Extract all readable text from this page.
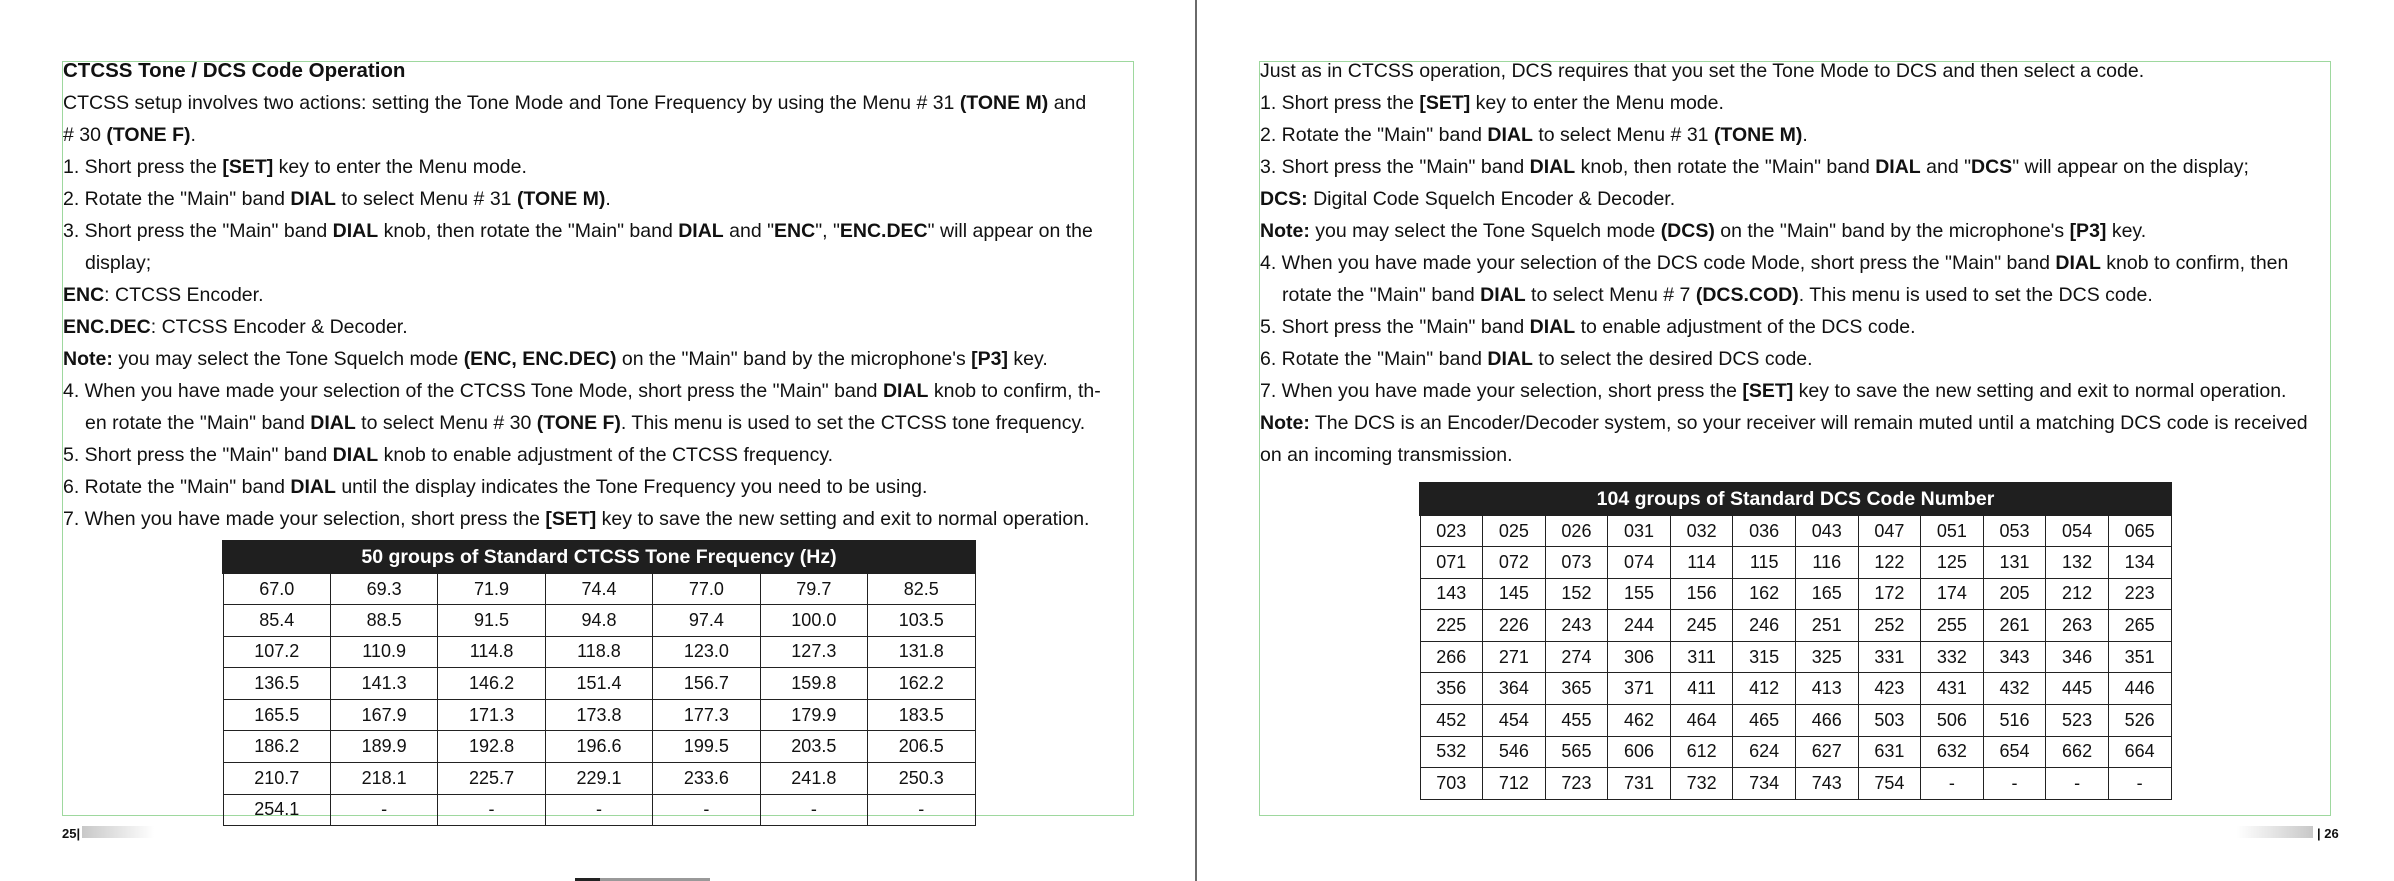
CTCSS Tone / DCS Code Operation
CTCSS setup involves two actions: setting the Tone Mode and Tone Frequency by using the Menu # 31 (TONE M) and
# 30 (TONE F).
1. Short press the [SET] key to enter the Menu mode.
2. Rotate the "Main" band DIAL to select Menu # 31 (TONE M).
3. Short press the "Main" band DIAL knob, then rotate the "Main" band DIAL and "ENC", "ENC.DEC" will appear on the
display;
ENC: CTCSS Encoder.
ENC.DEC: CTCSS Encoder & Decoder.
Note: you may select the Tone Squelch mode (ENC, ENC.DEC) on the "Main" band by the microphone's [P3] key.
4. When you have made your selection of the CTCSS Tone Mode, short press the "Main" band DIAL knob to confirm, th-
en rotate the "Main" band DIAL to select Menu # 30 (TONE F). This menu is used to set the CTCSS tone frequency.
5. Short press the "Main" band DIAL knob to enable adjustment of the CTCSS frequency.
6. Rotate the "Main" band DIAL until the display indicates the Tone Frequency you need to be using.
7. When you have made your selection, short press the [SET] key to save the new setting and exit to normal operation.
Just as in CTCSS operation, DCS requires that you set the Tone Mode to DCS and then select a code.
1. Short press the [SET] key to enter the Menu mode.
2. Rotate the "Main" band DIAL to select Menu # 31 (TONE M).
3. Short press the "Main" band DIAL knob, then rotate the "Main" band DIAL and "DCS" will appear on the display;
DCS: Digital Code Squelch Encoder & Decoder.
Note: you may select the Tone Squelch mode (DCS) on the "Main" band by the microphone's [P3] key.
4. When you have made your selection of the DCS code Mode, short press the "Main" band DIAL knob to confirm, then
rotate the "Main" band DIAL to select Menu # 7 (DCS.COD). This menu is used to set the DCS code.
5. Short press the "Main" band DIAL to enable adjustment of the DCS code.
6. Rotate the "Main" band DIAL to select the desired DCS code.
7. When you have made your selection, short press the [SET] key to save the new setting and exit to normal operation.
Note: The DCS is an Encoder/Decoder system, so your receiver will remain muted until a matching DCS code is received
on an incoming transmission.
50 groups of Standard CTCSS Tone Frequency (Hz)						
67.0	69.3	71.9	74.4	77.0	79.7	82.5
85.4	88.5	91.5	94.8	97.4	100.0	103.5
107.2	110.9	114.8	118.8	123.0	127.3	131.8
136.5	141.3	146.2	151.4	156.7	159.8	162.2
165.5	167.9	171.3	173.8	177.3	179.9	183.5
186.2	189.9	192.8	196.6	199.5	203.5	206.5
210.7	218.1	225.7	229.1	233.6	241.8	250.3
254.1	-	-	-	-	-	-
104 groups of Standard DCS Code Number											
023	025	026	031	032	036	043	047	051	053	054	065
071	072	073	074	114	115	116	122	125	131	132	134
143	145	152	155	156	162	165	172	174	205	212	223
225	226	243	244	245	246	251	252	255	261	263	265
266	271	274	306	311	315	325	331	332	343	346	351
356	364	365	371	411	412	413	423	431	432	445	446
452	454	455	462	464	465	466	503	506	516	523	526
532	546	565	606	612	624	627	631	632	654	662	664
703	712	723	731	732	734	743	754	-	-	-	-
25|	| 26
